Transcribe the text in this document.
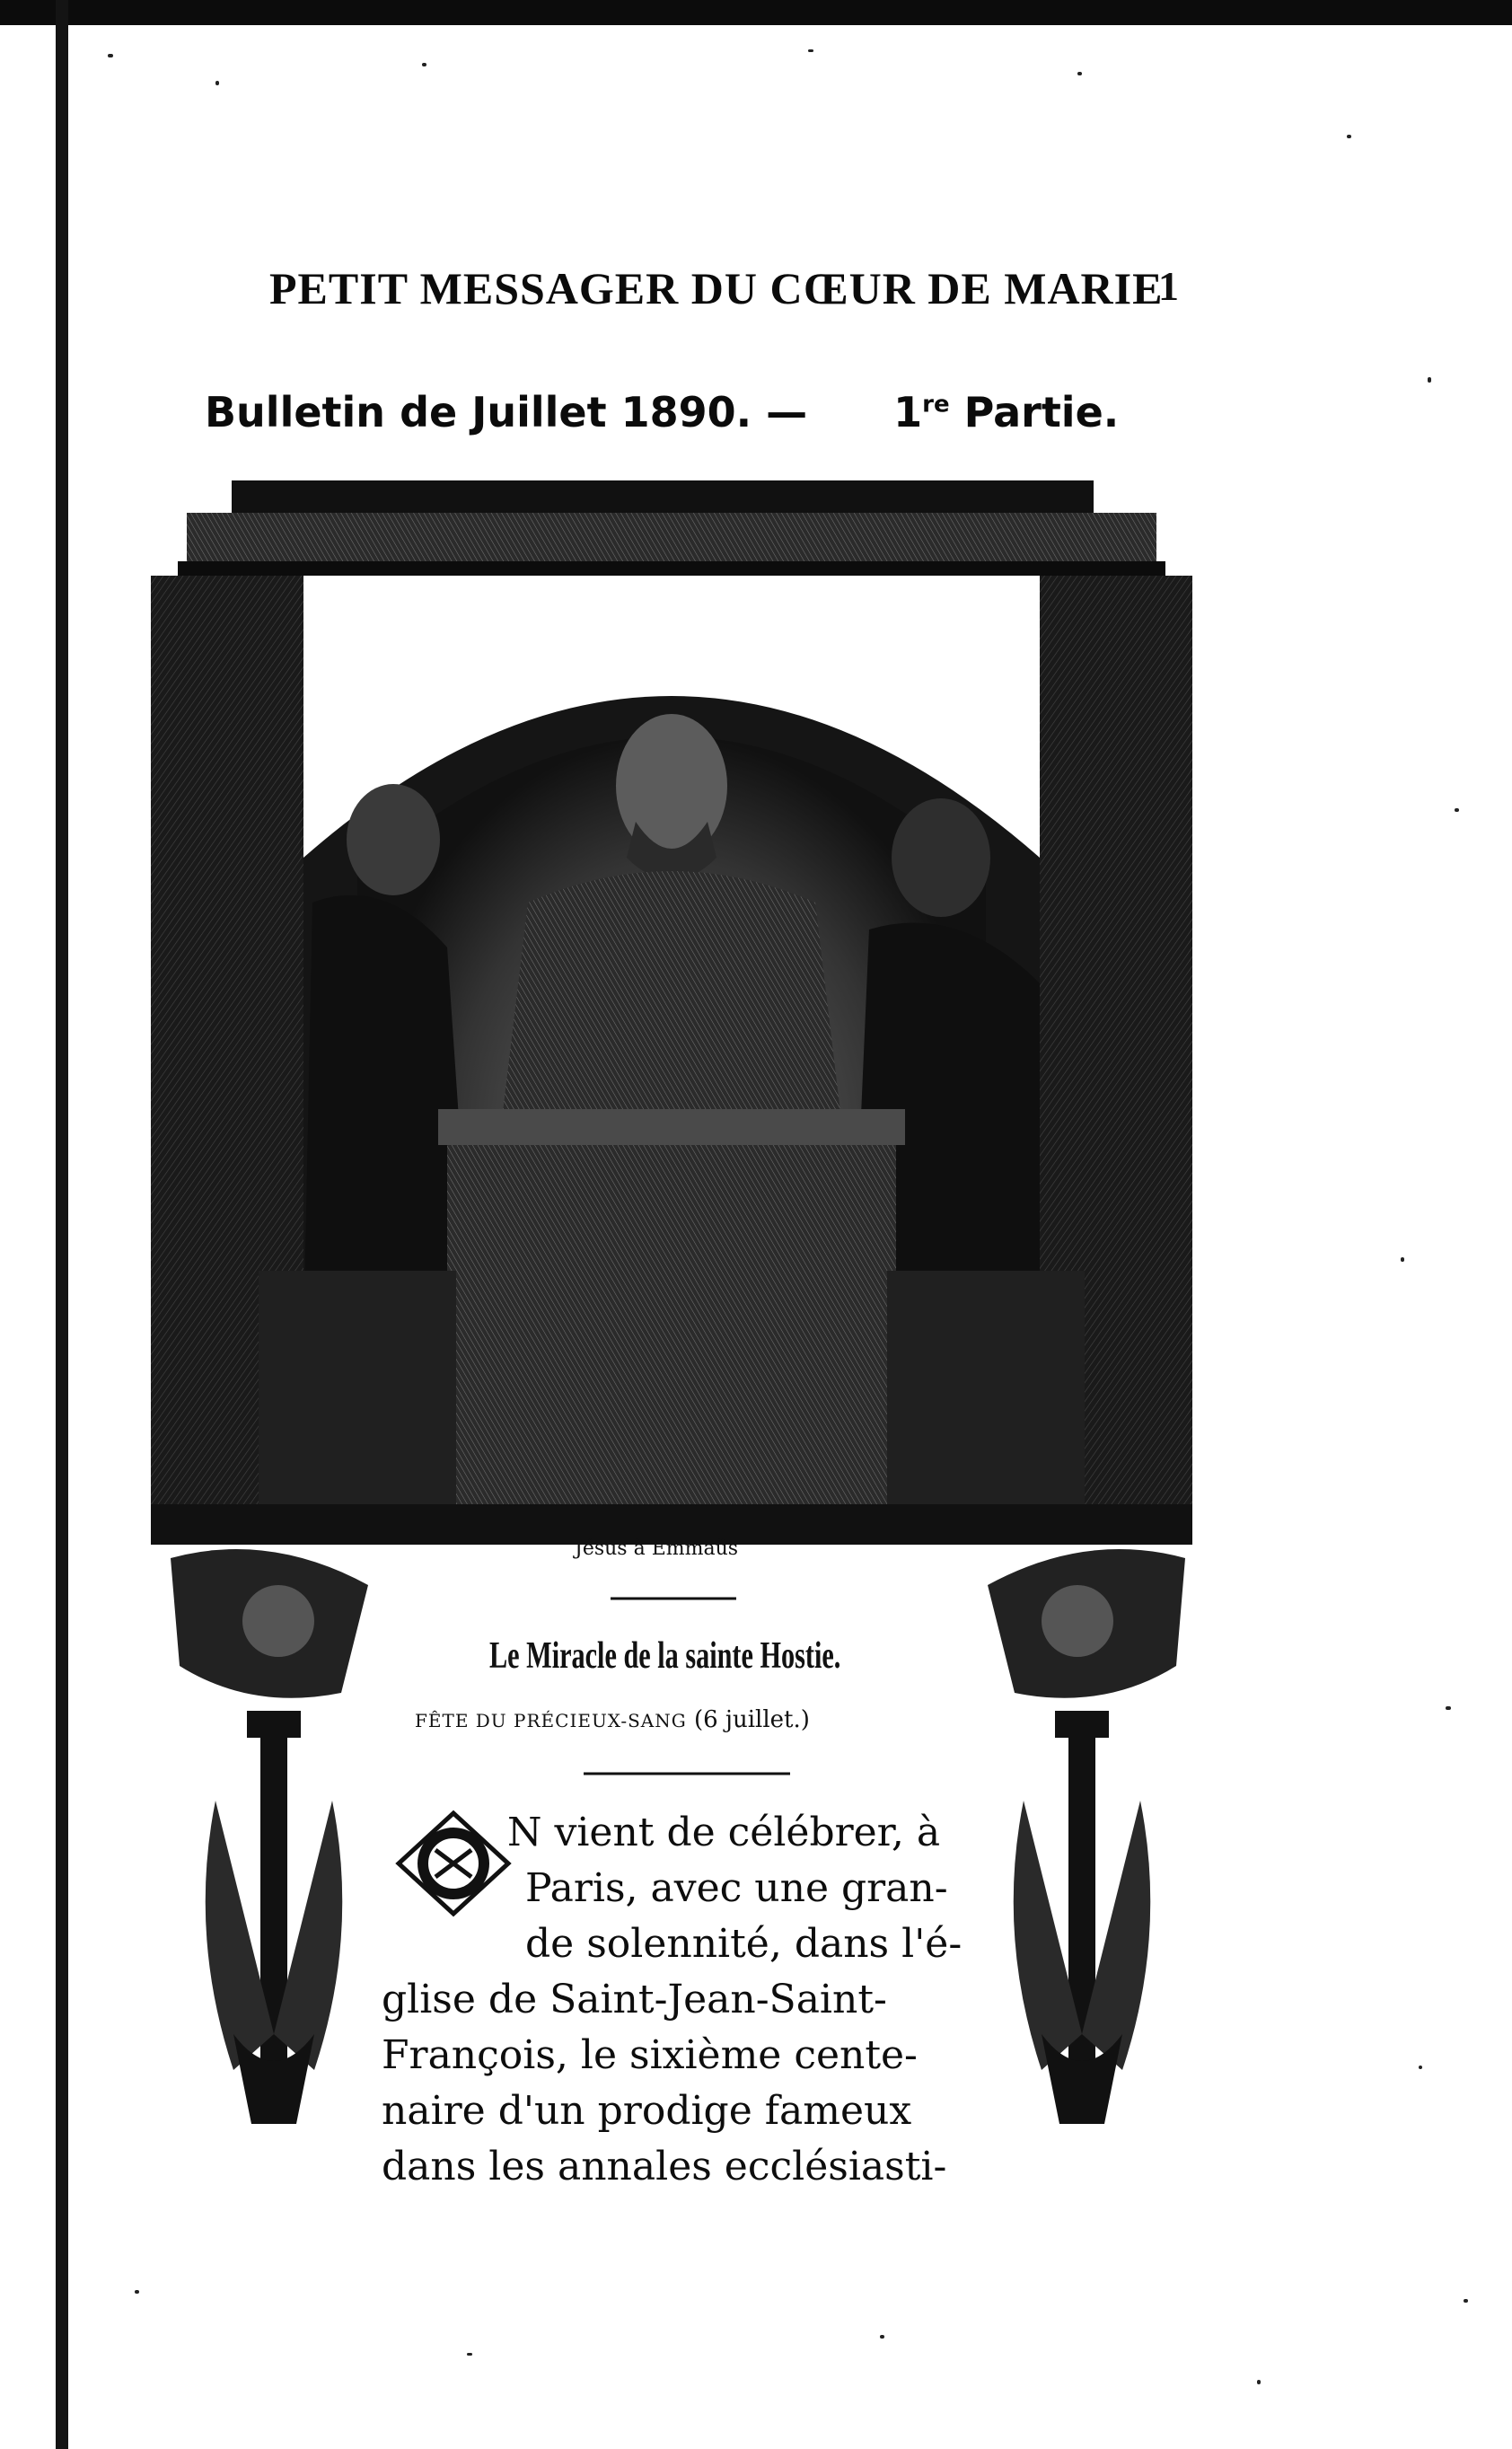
PETIT MESSAGER DU CŒUR DE MARIE
1
Bulletin de Juillet 1890. — 1re Partie.
Jésus à Emmaüs
Le Miracle de la sainte Hostie.
FÊTE DU PRÉCIEUX-SANG (6 juillet.)
N vient de célébrer, à
Paris, avec une gran-
de solennité, dans l'é-
glise de Saint-Jean-Saint-
François, le sixième cente-
naire d'un prodige fameux
dans les annales ecclésiasti-
